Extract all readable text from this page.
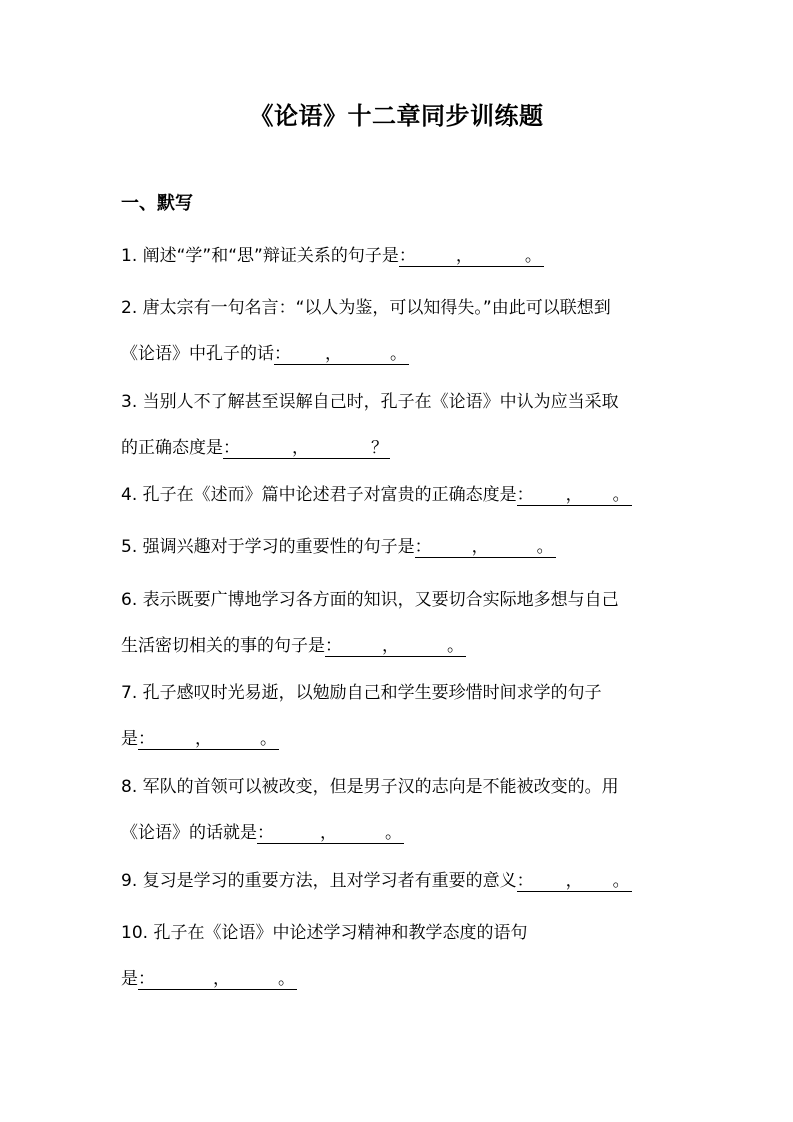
《论语》十二章同步训练题
一、默写
1. 阐述“学”和“思”辩证关系的句子是： ，	。
2. 唐太宗有一句名言：“以人为鉴，可以知得失。”由此可以联想到
《论语》中孔子的话： ，	。
3. 当别人不了解甚至误解自己时，孔子在《论语》中认为应当采取
的正确态度是：	，	？
4. 孔子在《述而》篇中论述君子对富贵的正确态度是： ， 。
5. 强调兴趣对于学习的重要性的句子是： ，	。
6. 表示既要广博地学习各方面的知识，又要切合实际地多想与自己
生活密切相关的事的句子是： ，	。
7. 孔子感叹时光易逝，以勉励自己和学生要珍惜时间求学的句子
是： ，	。
8. 军队的首领可以被改变，但是男子汉的志向是不能被改变的。用
《论语》的话就是：	，	。
9. 复习是学习的重要方法，且对学习者有重要的意义： ， 。
10. 孔子在《论语》中论述学习精神和教学态度的语句
是：	，	。
